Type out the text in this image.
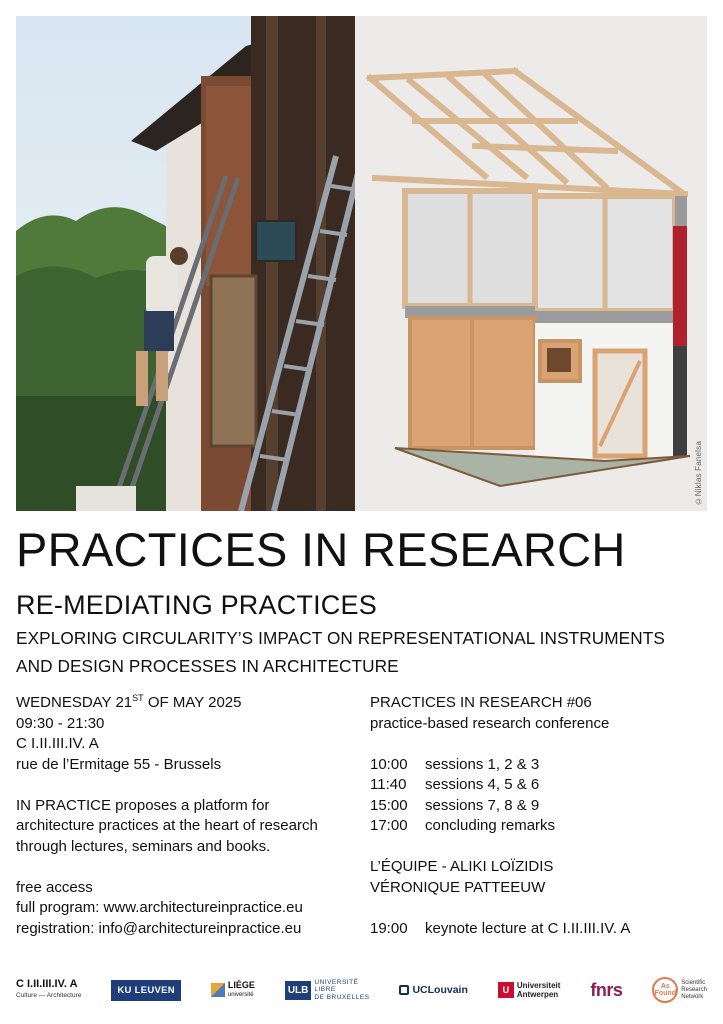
©Niklas Fanelsa
PRACTICES IN RESEARCH
RE-MEDIATING PRACTICES
EXPLORING CIRCULARITY’S IMPACT ON REPRESENTATIONAL INSTRUMENTS
AND DESIGN PROCESSES IN ARCHITECTURE
WEDNESDAY 21ST OF MAY 2025
09:30 - 21:30
C I.II.III.IV. A
rue de l’Ermitage 55 - Brussels
IN PRACTICE proposes a platform for
architecture practices at the heart of research
through lectures, seminars and books.
free access
full program: www.architectureinpractice.eu
registration: info@architectureinpractice.eu
PRACTICES IN RESEARCH #06
practice-based research conference
10:00	sessions 1, 2 & 3
11:40	sessions 4, 5 & 6
15:00	sessions 7, 8 & 9
17:00	concluding remarks
L’ÉQUIPE - ALIKI LOÏZIDIS
VÉRONIQUE PATTEEUW
19:00	keynote lecture at C I.II.III.IV. A
C I.II.III.IV. A
Culture — Architecture	KU LEUVEN	LIÈGE
université	ULB
UNIVERSITÉ
LIBRE
DE BRUXELLES
UCLouvain	U Universiteit
Antwerpen fnrs	As Found
Scientific
Research
Network
